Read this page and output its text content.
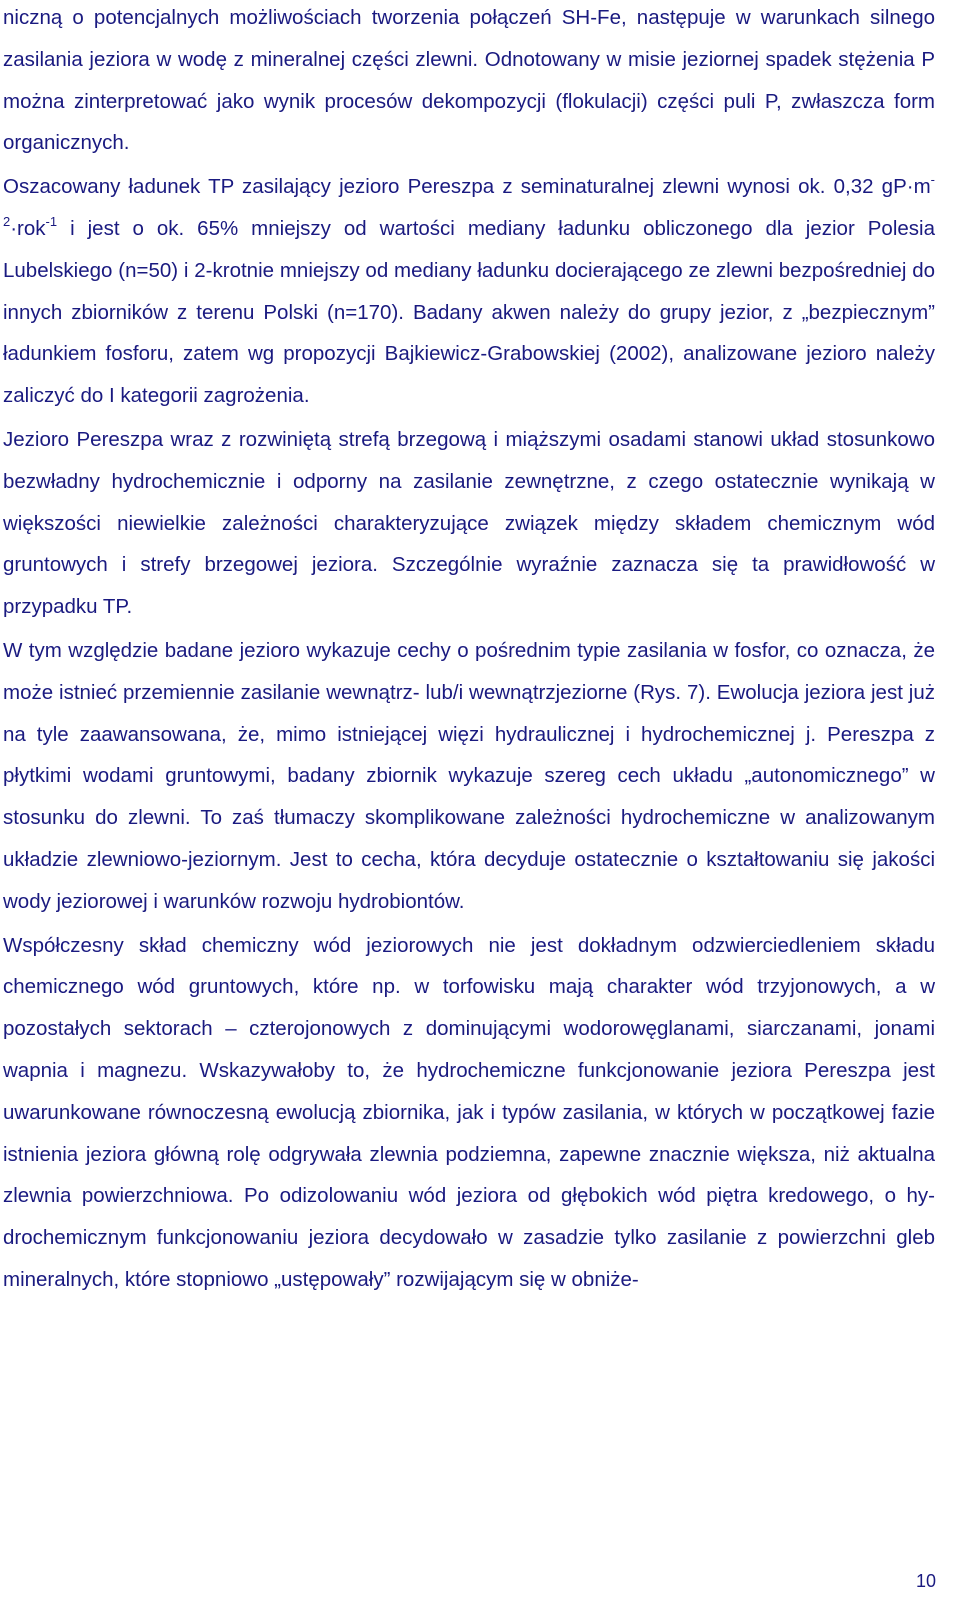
niczną o potencjalnych możliwościach tworzenia połączeń SH-Fe, następuje w warunkach silnego zasilania jeziora w wodę z mineralnej części zlewni. Odnotowany w misie jeziornej spadek stężenia P można zinterpretować jako wynik procesów dekompozycji (flokulacji) części puli P, zwłaszcza form organicznych.

Oszacowany ładunek TP zasilający jezioro Pereszpa z seminaturalnej zlewni wynosi ok. 0,32 $gP\cdot m^{-2}\cdot rok^{-1}$ i jest o ok. 65% mniejszy od wartości mediany ładunku obliczonego dla jezior Polesia Lubelskiego (n=50) i 2-krotnie mniejszy od mediany ładunku docierającego ze zlewni bezpośredniej do innych zbiorników z terenu Polski (n=170). Badany akwen należy do grupy jezior, z „bezpiecznym” ładunkiem fosforu, zatem wg propozycji Bajkiewicz-Grabowskiej (2002), analizowane jezioro należy zaliczyć do I kategorii zagrożenia.

Jezioro Pereszpa wraz z rozwiniętą strefą brzegową i miąższymi osadami stanowi układ stosunkowo bezwładny hydrochemicznie i odporny na zasilanie zewnętrzne, z czego ostatecznie wynikają w większości niewielkie zależności charakteryzujące związek między składem chemicznym wód gruntowych i strefy brzegowej jeziora. Szczególnie wyraźnie zaznacza się ta prawidłowość w przypadku TP.

W tym względzie badane jezioro wykazuje cechy o pośrednim typie zasilania w fosfor, co oznacza, że może istnieć przemiennie zasilanie wewnątrz- lub/i wewnątrzjeziorne (Rys. 7). Ewolucja jeziora jest już na tyle zaawansowana, że, mimo istniejącej więzi hydraulicznej i hydrochemicznej j. Pereszpa z płytkimi wodami gruntowymi, badany zbiornik wykazuje szereg cech układu „autonomicznego” w stosunku do zlewni. To zaś tłumaczy skomplikowane zależności hydrochemiczne w analizowanym układzie zlewniowo-jeziornym. Jest to cecha, która decyduje ostatecznie o kształtowaniu się jakości wody jeziorowej i warunków rozwoju hydrobiontów.

Współczesny skład chemiczny wód jeziorowych nie jest dokładnym odzwierciedleniem składu chemicznego wód gruntowych, które np. w torfowisku mają charakter wód trzyjonowych, a w pozostałych sektorach – czterojonowych z dominującymi wodorowęglanami, siarczanami, jonami wapnia i magnezu. Wskazywałoby to, że hydrochemiczne funkcjonowanie jeziora Pereszpa jest uwarunkowane równoczesną ewolucją zbiornika, jak i typów zasilania, w których w początkowej fazie istnienia jeziora główną rolę odgrywała zlewnia podziemna, zapewne znacznie większa, niż aktualna zlewnia powierzchniowa. Po odizolowaniu wód jeziora od głębokich wód piętra kredowego, o hydrochemicznym funkcjonowaniu jeziora decydowało w zasadzie tylko zasilanie z powierzchni gleb mineralnych, które stopniowo „ustępowały” rozwijającym się w obniże-

10
